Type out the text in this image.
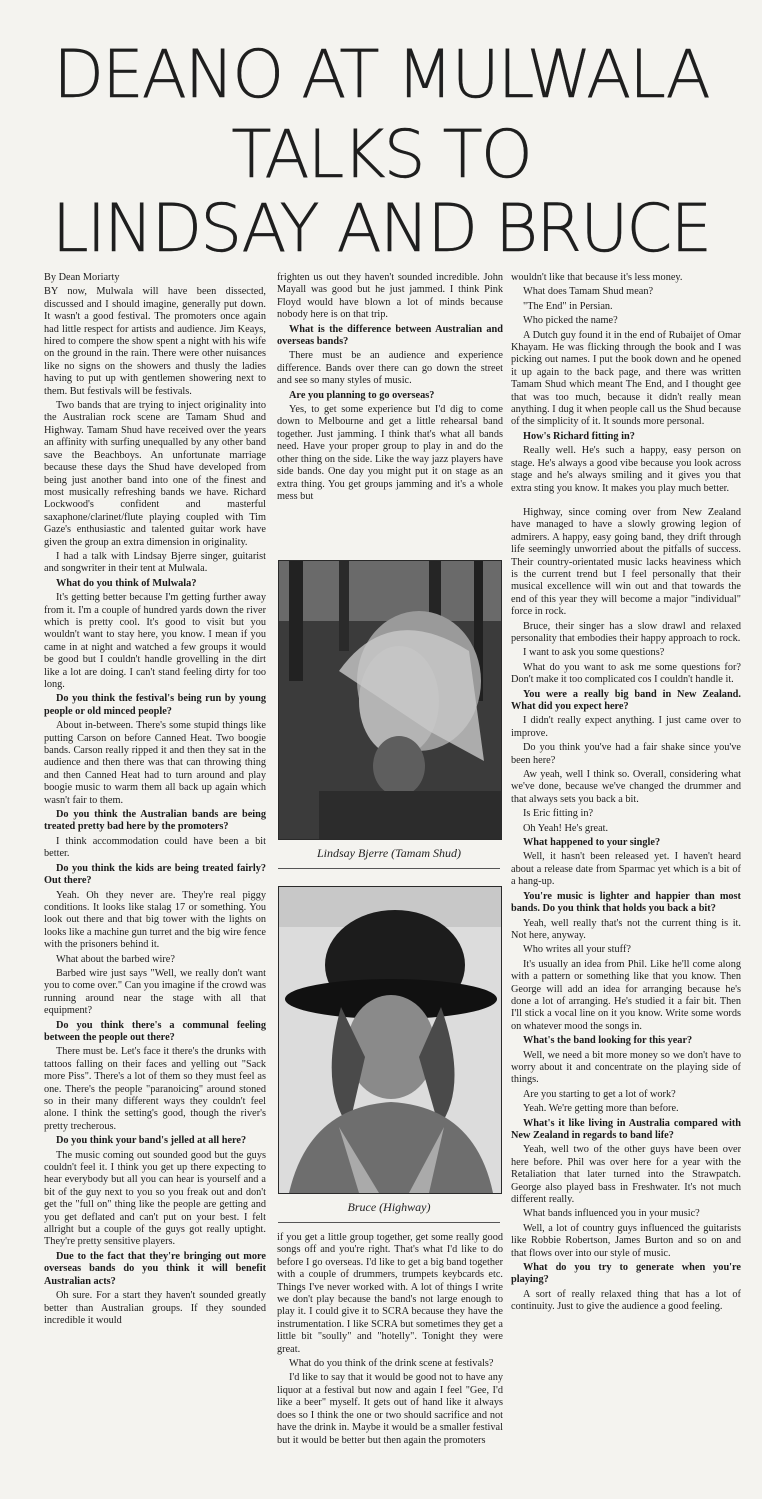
DEANO AT MULWALA
TALKS TO
LINDSAY AND BRUCE

By Dean Moriarty

BY now, Mulwala will have been dissected, discussed and I should imagine, generally put down. It wasn't a good festival. The promoters once again had little respect for artists and audience. Jim Keays, hired to compere the show spent a night with his wife on the ground in the rain. There were other nuisances like no signs on the showers and thusly the ladies having to put up with gentlemen showering next to them. But festivals will be festivals.

Two bands that are trying to inject originality into the Australian rock scene are Tamam Shud and Highway. Tamam Shud have received over the years an affinity with surfing unequalled by any other band save the Beachboys. An unfortunate marriage because these days the Shud have developed from being just another band into one of the finest and most musically refreshing bands we have. Richard Lockwood's confident and masterful saxaphone/clarinet/flute playing coupled with Tim Gaze's enthusiastic and talented guitar work have given the group an extra dimension in originality.

I had a talk with Lindsay Bjerre singer, guitarist and songwriter in their tent at Mulwala.

What do you think of Mulwala?

It's getting better because I'm getting further away from it. I'm a couple of hundred yards down the river which is pretty cool. It's good to visit but you wouldn't want to stay here, you know. I mean if you came in at night and watched a few groups it would be good but I couldn't handle grovelling in the dirt like a lot are doing. I can't stand feeling dirty for too long.

Do you think the festival's being run by young people or old minced people?

About in-between. There's some stupid things like putting Carson on before Canned Heat. Two boogie bands. Carson really ripped it and then they sat in the audience and then there was that can throwing thing and then Canned Heat had to turn around and play boogie music to warm them all back up again which wasn't fair to them.

Do you think the Australian bands are being treated pretty bad here by the promoters?

I think accommodation could have been a bit better.

Do you think the kids are being treated fairly? Out there?

Yeah. Oh they never are. They're real piggy conditions. It looks like stalag 17 or something. You look out there and that big tower with the lights on looks like a machine gun turret and the big wire fence with the prisoners behind it.

What about the barbed wire?

Barbed wire just says "Well, we really don't want you to come over." Can you imagine if the crowd was running around near the stage with all that equipment?

Do you think there's a communal feeling between the people out there?

There must be. Let's face it there's the drunks with tattoos falling on their faces and yelling out "Sack more Piss". There's a lot of them so they must feel as one. There's the people "paranoicing" around stoned so in their many different ways they couldn't feel alone. I think the setting's good, though the river's pretty trecherous.

Do you think your band's jelled at all here?

The music coming out sounded good but the guys couldn't feel it. I think you get up there expecting to hear everybody but all you can hear is yourself and a bit of the guy next to you so you freak out and don't get the "full on" thing like the people are getting and you get deflated and can't put on your best. I felt allright but a couple of the guys got really uptight. They're pretty sensitive players.

Due to the fact that they're bringing out more overseas bands do you think it will benefit Australian acts?

Oh sure. For a start they haven't sounded greatly better than Australian groups. If they sounded incredible it would

frighten us out they haven't sounded incredible. John Mayall was good but he just jammed. I think Pink Floyd would have blown a lot of minds because nobody here is on that trip.

What is the difference between Australian and overseas bands?

There must be an audience and experience difference. Bands over there can go down the street and see so many styles of music.

Are you planning to go overseas?

Yes, to get some experience but I'd dig to come down to Melbourne and get a little rehearsal band together. Just jamming. I think that's what all bands need. Have your proper group to play in and do the other thing on the side. Like the way jazz players have side bands. One day you might put it on stage as an extra thing. You get groups jamming and it's a whole mess but

Lindsay Bjerre (Tamam Shud)
Bruce (Highway)

if you get a little group together, get some really good songs off and you're right. That's what I'd like to do before I go overseas. I'd like to get a big band together with a couple of drummers, trumpets keybcards etc. Things I've never worked with. A lot of things I write we don't play because the band's not large enough to play it. I could give it to SCRA because they have the instrumentation. I like SCRA but sometimes they get a little bit "soully" and "hotelly". Tonight they were great.

What do you think of the drink scene at festivals?

I'd like to say that it would be good not to have any liquor at a festival but now and again I feel "Gee, I'd like a beer" myself. It gets out of hand like it always does so I think the one or two should sacrifice and not have the drink in. Maybe it would be a smaller festival but it would be better but then again the promoters

wouldn't like that because it's less money.

What does Tamam Shud mean?

"The End" in Persian.

Who picked the name?

A Dutch guy found it in the end of Rubaijet of Omar Khayam. He was flicking through the book and I was picking out names. I put the book down and he opened it up again to the back page, and there was written Tamam Shud which meant The End, and I thought gee that was too much, because it didn't really mean anything. I dug it when people call us the Shud because of the simplicity of it. It sounds more personal.

How's Richard fitting in?

Really well. He's such a happy, easy person on stage. He's always a good vibe because you look across stage and he's always smiling and it gives you that extra sting you know. It makes you play much better.

Highway, since coming over from New Zealand have managed to have a slowly growing legion of admirers. A happy, easy going band, they drift through life seemingly unworried about the pitfalls of success. Their country-orientated music lacks heaviness which is the current trend but I feel personally that their musical excellence will win out and that towards the end of this year they will become a major "individual" force in rock.

Bruce, their singer has a slow drawl and relaxed personality that embodies their happy approach to rock.

I want to ask you some questions?

What do you want to ask me some questions for? Don't make it too complicated cos I couldn't handle it.

You were a really big band in New Zealand. What did you expect here?

I didn't really expect anything. I just came over to improve.

Do you think you've had a fair shake since you've been here?

Aw yeah, well I think so. Overall, considering what we've done, because we've changed the drummer and that always sets you back a bit.

Is Eric fitting in?

Oh Yeah! He's great.

What happened to your single?

Well, it hasn't been released yet. I haven't heard about a release date from Sparmac yet which is a bit of a hang-up.

You're music is lighter and happier than most bands. Do you think that holds you back a bit?

Yeah, well really that's not the current thing is it. Not here, anyway.

Who writes all your stuff?

It's usually an idea from Phil. Like he'll come along with a pattern or something like that you know. Then George will add an idea for arranging because he's done a lot of arranging. He's studied it a fair bit. Then I'll stick a vocal line on it you know. Write some words on whatever mood the songs in.

What's the band looking for this year?

Well, we need a bit more money so we don't have to worry about it and concentrate on the playing side of things.

Are you starting to get a lot of work?

Yeah. We're getting more than before.

What's it like living in Australia compared with New Zealand in regards to band life?

Yeah, well two of the other guys have been over here before. Phil was over here for a year with the Retaliation that later turned into the Strawpatch. George also played bass in Freshwater. It's not much different really.

What bands influenced you in your music?

Well, a lot of country guys influenced the guitarists like Robbie Robertson, James Burton and so on and that flows over into our style of music.

What do you try to generate when you're playing?

A sort of really relaxed thing that has a lot of continuity. Just to give the audience a good feeling.
